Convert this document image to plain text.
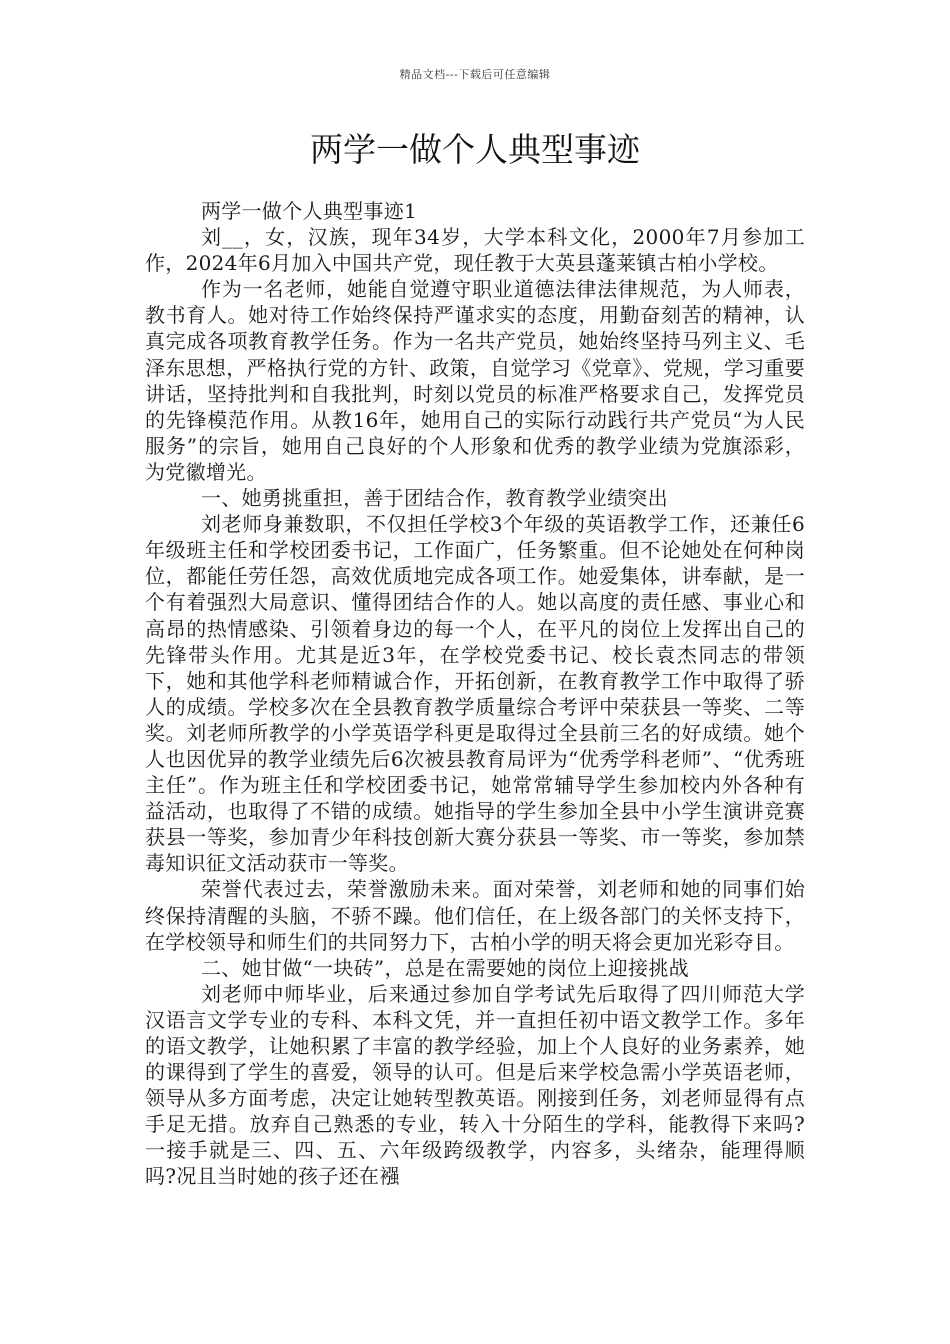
精品文档---下载后可任意编辑
两学一做个人典型事迹

两学一做个人典型事迹1

刘__，女，汉族，现年34岁，大学本科文化，2000年7月参加工作，2024年6月加入中国共产党，现任教于大英县蓬莱镇古柏小学校。

作为一名老师，她能自觉遵守职业道德法律法律规范，为人师表，教书育人。她对待工作始终保持严谨求实的态度，用勤奋刻苦的精神，认真完成各项教育教学任务。作为一名共产党员，她始终坚持马列主义、毛泽东思想，严格执行党的方针、政策，自觉学习《党章》、党规，学习重要讲话，坚持批判和自我批判，时刻以党员的标准严格要求自己，发挥党员的先锋模范作用。从教16年，她用自己的实际行动践行共产党员“为人民服务”的宗旨，她用自己良好的个人形象和优秀的教学业绩为党旗添彩，为党徽增光。

一、她勇挑重担，善于团结合作，教育教学业绩突出

刘老师身兼数职，不仅担任学校3个年级的英语教学工作，还兼任6年级班主任和学校团委书记，工作面广，任务繁重。但不论她处在何种岗位，都能任劳任怨，高效优质地完成各项工作。她爱集体，讲奉献，是一个有着强烈大局意识、懂得团结合作的人。她以高度的责任感、事业心和高昂的热情感染、引领着身边的每一个人，在平凡的岗位上发挥出自己的先锋带头作用。尤其是近3年，在学校党委书记、校长袁杰同志的带领下，她和其他学科老师精诚合作，开拓创新，在教育教学工作中取得了骄人的成绩。学校多次在全县教育教学质量综合考评中荣获县一等奖、二等奖。刘老师所教学的小学英语学科更是取得过全县前三名的好成绩。她个人也因优异的教学业绩先后6次被县教育局评为“优秀学科老师”、“优秀班主任”。作为班主任和学校团委书记，她常常辅导学生参加校内外各种有益活动，也取得了不错的成绩。她指导的学生参加全县中小学生演讲竞赛获县一等奖，参加青少年科技创新大赛分获县一等奖、市一等奖，参加禁毒知识征文活动获市一等奖。

荣誉代表过去，荣誉激励未来。面对荣誉，刘老师和她的同事们始终保持清醒的头脑，不骄不躁。他们信任，在上级各部门的关怀支持下，在学校领导和师生们的共同努力下，古柏小学的明天将会更加光彩夺目。

二、她甘做“一块砖”，总是在需要她的岗位上迎接挑战

刘老师中师毕业，后来通过参加自学考试先后取得了四川师范大学汉语言文学专业的专科、本科文凭，并一直担任初中语文教学工作。多年的语文教学，让她积累了丰富的教学经验，加上个人良好的业务素养，她的课得到了学生的喜爱，领导的认可。但是后来学校急需小学英语老师，领导从多方面考虑，决定让她转型教英语。刚接到任务，刘老师显得有点手足无措。放弃自己熟悉的专业，转入十分陌生的学科，能教得下来吗?一接手就是三、四、五、六年级跨级教学，内容多，头绪杂，能理得顺吗?况且当时她的孩子还在襁
